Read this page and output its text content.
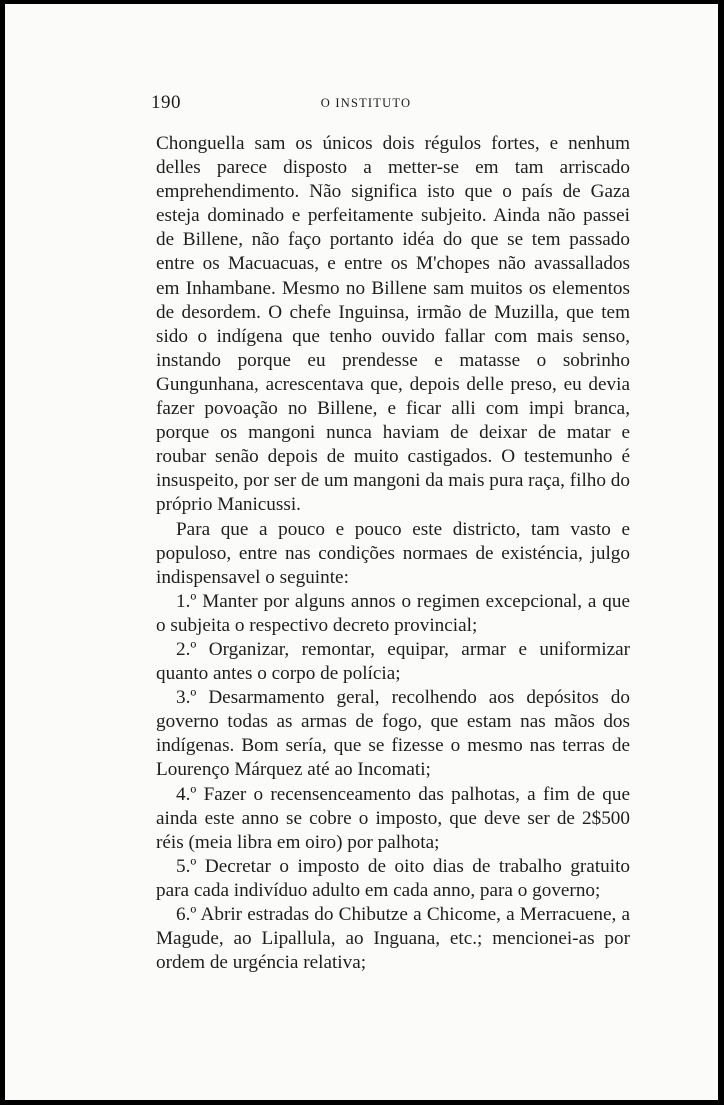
190	O INSTITUTO

Chonguella sam os únicos dois régulos fortes, e nenhum delles parece disposto a metter-se em tam arriscado emprehendimento. Não significa isto que o país de Gaza esteja dominado e perfeitamente subjeito. Ainda não passei de Billene, não faço portanto idéa do que se tem passado entre os Macuacuas, e entre os M'chopes não avassallados em Inhambane. Mesmo no Billene sam muitos os elementos de desordem. O chefe Inguinsa, irmão de Muzilla, que tem sido o indígena que tenho ouvido fallar com mais senso, instando porque eu prendesse e matasse o sobrinho Gungunhana, acrescentava que, depois delle preso, eu devia fazer povoação no Billene, e ficar alli com impi branca, porque os mangoni nunca haviam de deixar de matar e roubar senão depois de muito castigados. O testemunho é insuspeito, por ser de um mangoni da mais pura raça, filho do próprio Manicussi.

Para que a pouco e pouco este districto, tam vasto e populoso, entre nas condições normaes de existéncia, julgo indispensavel o seguinte:

1.º Manter por alguns annos o regimen excepcional, a que o subjeita o respectivo decreto provincial;

2.º Organizar, remontar, equipar, armar e uniformizar quanto antes o corpo de polícia;

3.º Desarmamento geral, recolhendo aos depósitos do governo todas as armas de fogo, que estam nas mãos dos indígenas. Bom sería, que se fizesse o mesmo nas terras de Lourenço Márquez até ao Incomati;

4.º Fazer o recensenceamento das palhotas, a fim de que ainda este anno se cobre o imposto, que deve ser de 2$500 réis (meia libra em oiro) por palhota;

5.º Decretar o imposto de oito dias de trabalho gratuito para cada indivíduo adulto em cada anno, para o governo;

6.º Abrir estradas do Chibutze a Chicome, a Merracuene, a Magude, ao Lipallula, ao Inguana, etc.; mencionei-as por ordem de urgéncia relativa;
